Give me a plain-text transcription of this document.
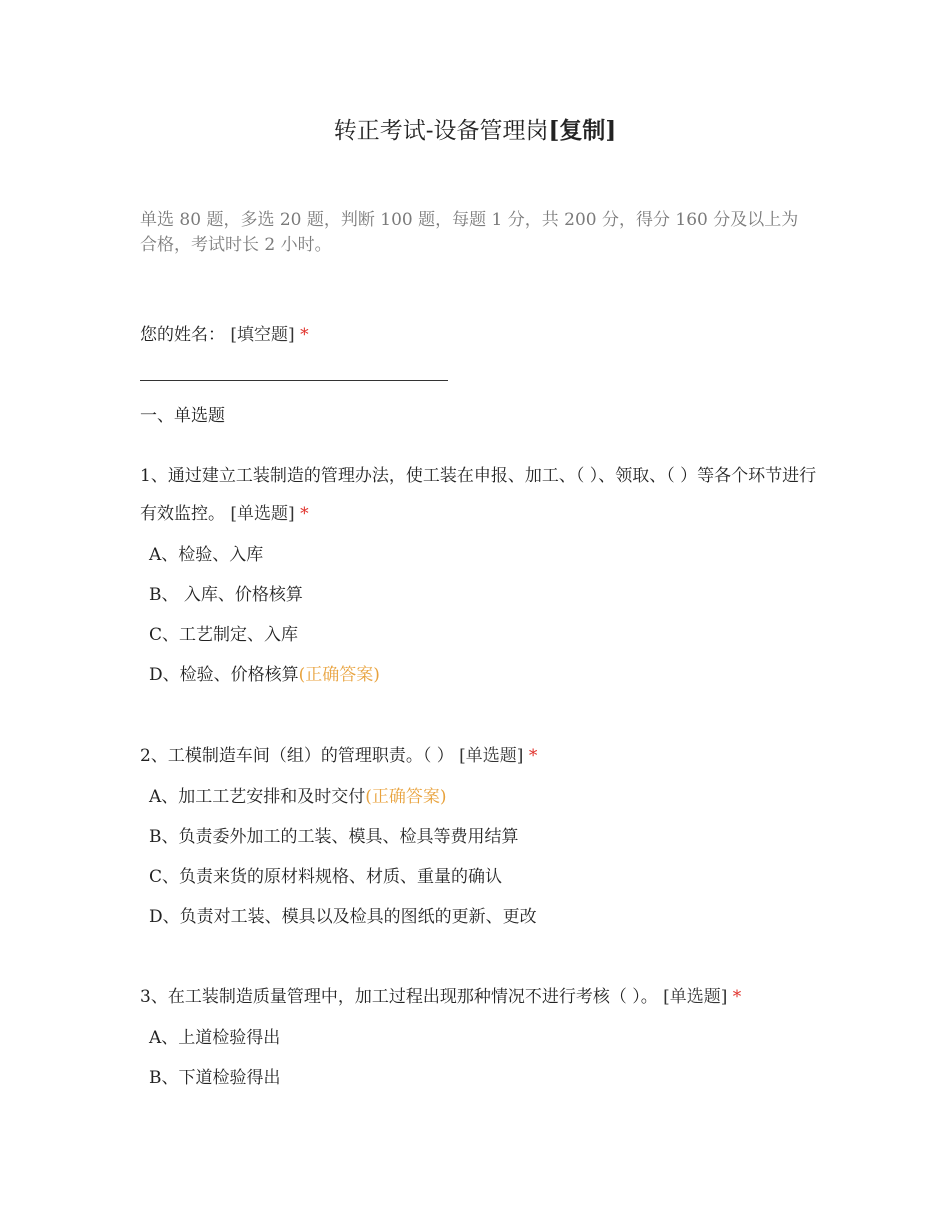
转正考试-设备管理岗[复制]

单选 80 题，多选 20 题，判断 100 题，每题 1 分，共 200 分，得分 160 分及以上为合格，考试时长 2 小时。

您的姓名： [填空题] *

一、单选题

1、通过建立工装制造的管理办法，使工装在申报、加工、（ ）、领取、（ ）等各个环节进行有效监控。 [单选题] *

A、检验、入库
B、 入库、价格核算
C、工艺制定、入库
D、检验、价格核算(正确答案)

2、工模制造车间（组）的管理职责。（ ） [单选题] *

A、加工工艺安排和及时交付(正确答案)
B、负责委外加工的工装、模具、检具等费用结算
C、负责来货的原材料规格、材质、重量的确认
D、负责对工装、模具以及检具的图纸的更新、更改

3、在工装制造质量管理中，加工过程出现那种情况不进行考核（ ）。 [单选题] *

A、上道检验得出
B、下道检验得出
